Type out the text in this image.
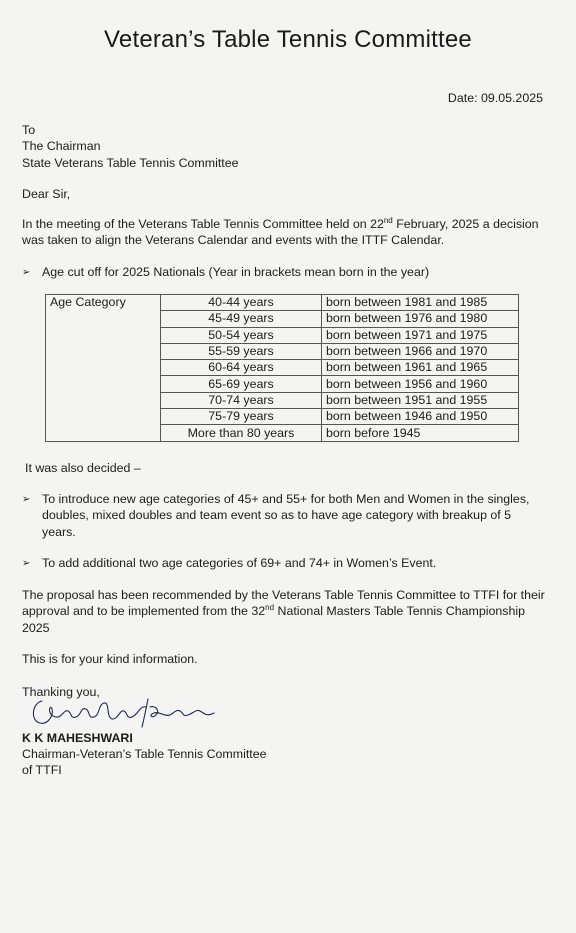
Veteran’s Table Tennis Committee
Date: 09.05.2025
To
The Chairman
State Veterans Table Tennis Committee
Dear Sir,
In the meeting of the Veterans Table Tennis Committee held on 22nd February, 2025 a decision was taken to align the Veterans Calendar and events with the ITTF Calendar.
➢ Age cut off for 2025 Nationals (Year in brackets mean born in the year)
Age Category	40-44 years	born between 1981 and 1985
	45-49 years	born between 1976 and 1980
	50-54 years	born between 1971 and 1975
	55-59 years	born between 1966 and 1970
	60-64 years	born between 1961 and 1965
	65-69 years	born between 1956 and 1960
	70-74 years	born between 1951 and 1955
	75-79 years	born between 1946 and 1950
	More than 80 years	born before 1945
It was also decided –
➢ To introduce new age categories of 45+ and 55+ for both Men and Women in the singles, doubles, mixed doubles and team event so as to have age category with breakup of 5 years.
➢ To add additional two age categories of 69+ and 74+ in Women’s Event.
The proposal has been recommended by the Veterans Table Tennis Committee to TTFI for their approval and to be implemented from the 32nd National Masters Table Tennis Championship 2025
This is for your kind information.
Thanking you,
K K MAHESHWARI
Chairman-Veteran’s Table Tennis Committee
of TTFI
